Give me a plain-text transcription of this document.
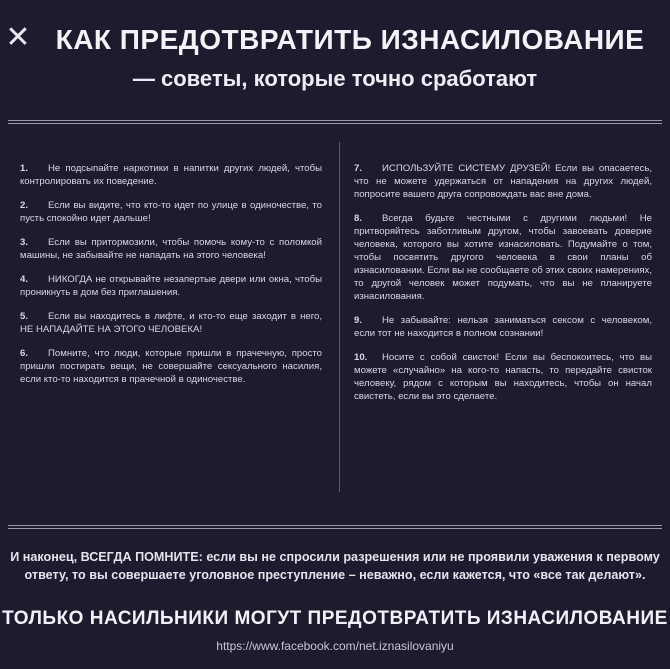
✕ КАК ПРЕДОТВРАТИТЬ ИЗНАСИЛОВАНИЕ
— советы, которые точно сработают
1. Не подсыпайте наркотики в напитки других людей, чтобы контролировать их поведение.
2. Если вы видите, что кто-то идет по улице в одиночестве, то пусть спокойно идет дальше!
3. Если вы притормозили, чтобы помочь кому-то с поломкой машины, не забывайте не нападать на этого человека!
4. НИКОГДА не открывайте незапертые двери или окна, чтобы проникнуть в дом без приглашения.
5. Если вы находитесь в лифте, и кто-то еще заходит в него, НЕ НАПАДАЙТЕ НА ЭТОГО ЧЕЛОВЕКА!
6. Помните, что люди, которые пришли в прачечную, просто пришли постирать вещи, не совершайте сексуального насилия, если кто-то находится в прачечной в одиночестве.
7. ИСПОЛЬЗУЙТЕ СИСТЕМУ ДРУЗЕЙ! Если вы опасаетесь, что не можете удержаться от нападения на других людей, попросите вашего друга сопровождать вас вне дома.
8. Всегда будьте честными с другими людьми! Не притворяйтесь заботливым другом, чтобы завоевать доверие человека, которого вы хотите изнасиловать. Подумайте о том, чтобы посвятить другого человека в свои планы об изнасиловании. Если вы не сообщаете об этих своих намерениях, то другой человек может подумать, что вы не планируете изнасилования.
9. Не забывайте: нельзя заниматься сексом с человеком, если тот не находится в полном сознании!
10. Носите с собой свисток! Если вы беспокоитесь, что вы можете «случайно» на кого-то напасть, то передайте свисток человеку, рядом с которым вы находитесь, чтобы он начал свистеть, если вы это сделаете.
И наконец, ВСЕГДА ПОМНИТЕ: если вы не спросили разрешения или не проявили уважения к первому ответу, то вы совершаете уголовное преступление – неважно, если кажется, что «все так делают».
ТОЛЬКО НАСИЛЬНИКИ МОГУТ ПРЕДОТВРАТИТЬ ИЗНАСИЛОВАНИЕ
https://www.facebook.com/net.iznasilovaniyu
